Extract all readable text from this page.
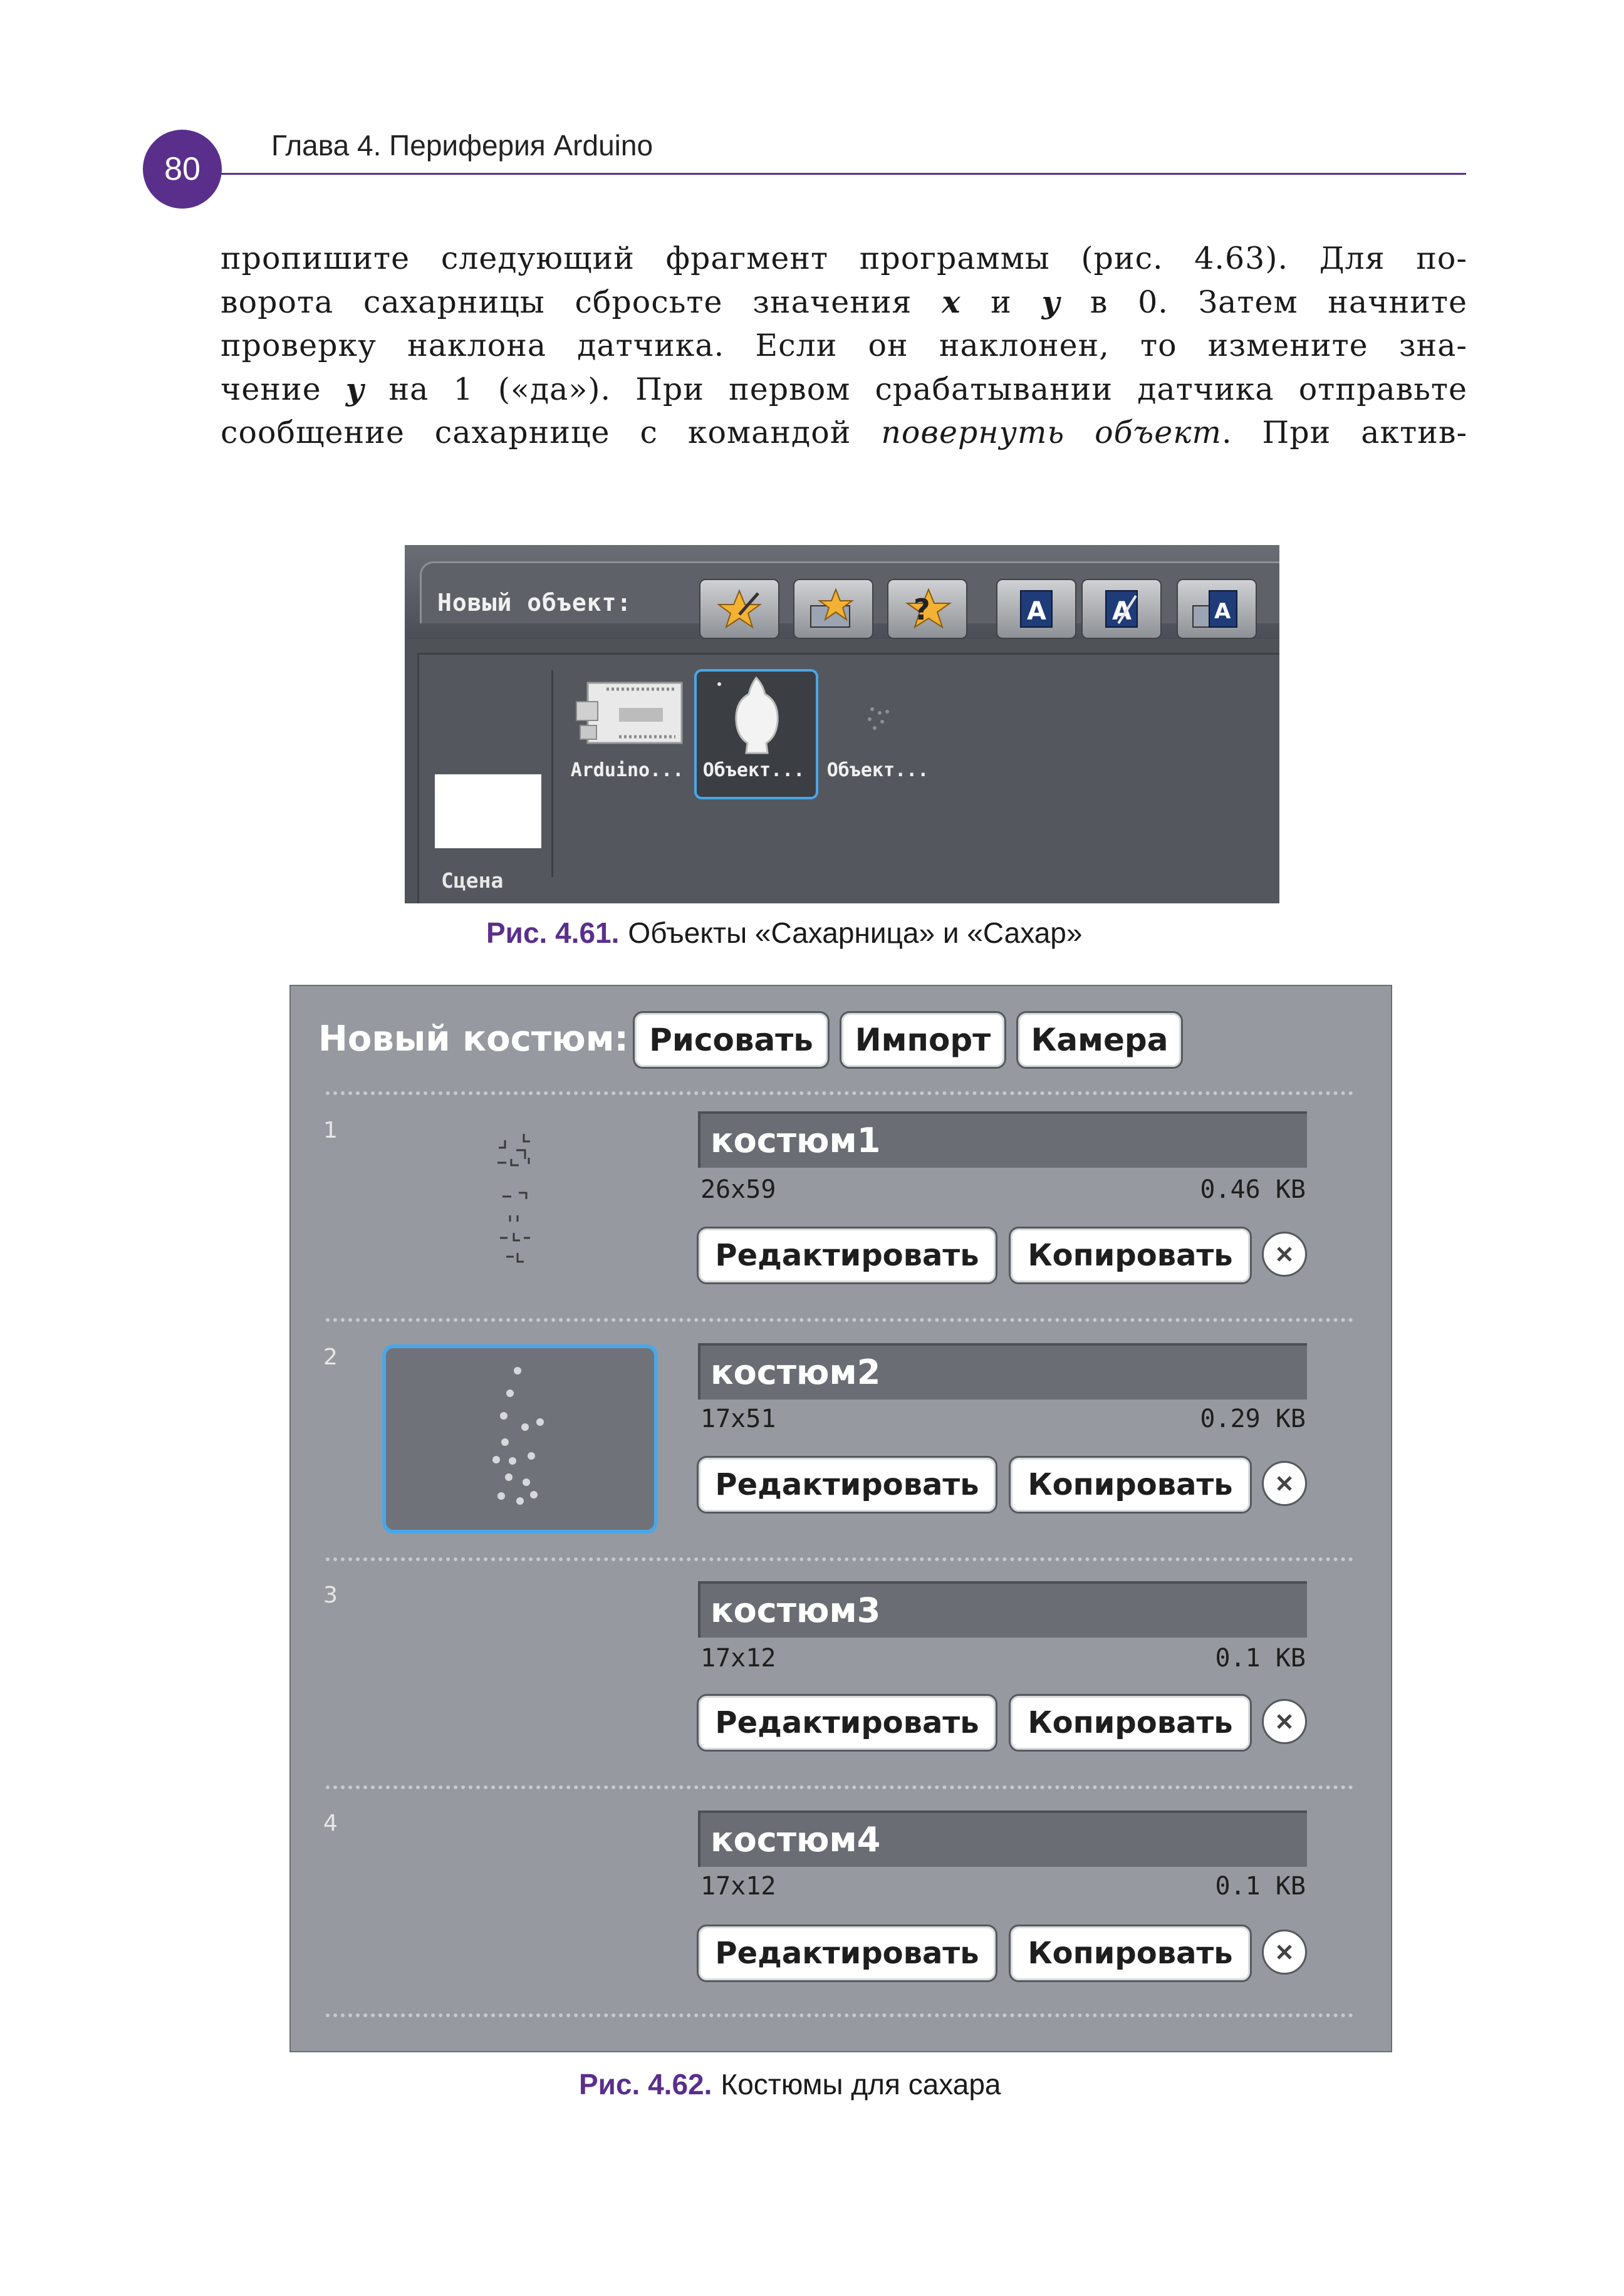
80
Глава 4. Периферия Arduino
пропишите следующий фрагмент программы (рис. 4.63). Для по-
ворота сахарницы сбросьте значения x и y в 0. Затем начните
проверку наклона датчика. Если он наклонен, то измените зна-
чение y на 1 («да»). При первом срабатывании датчика отправьте
сообщение сахарнице с командой повернуть объект. При актив-
Новый объект:	?	A	A	A
Сцена
Arduino...	Объект...	Объект...
Рис. 4.61. Объекты «Сахарница» и «Сахар»
Новый костюм: Рисовать	Импорт	Камера
1	костюм1
26x59	0.46 KB
Редактировать	Копировать
2	костюм2
17x51	0.29 KB
Редактировать	Копировать
3	костюм3
17x12	0.1 KB
Редактировать	Копировать
4	костюм4
17x12	0.1 KB
Редактировать	Копировать
Рис. 4.62. Костюмы для сахара
